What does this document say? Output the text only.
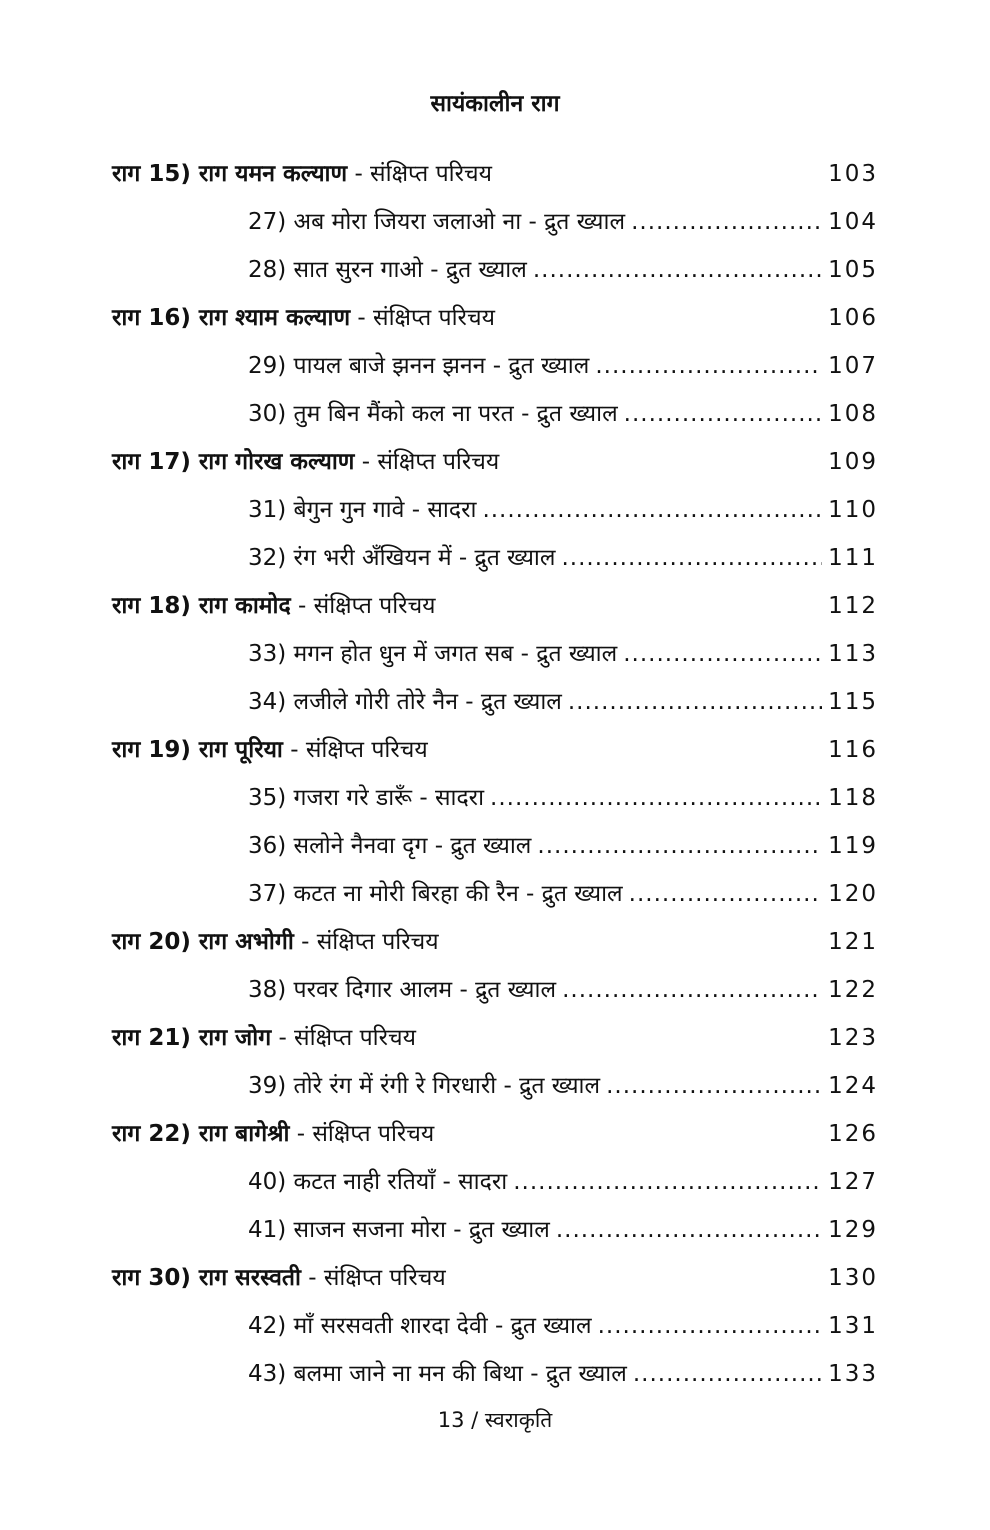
सायंकालीन राग
राग 15) राग यमन कल्याण - संक्षिप्त परिचय	103
27) अब मोरा जियरा जलाओ ना - द्रुत ख्याल .....	104
28) सात सुरन गाओ - द्रुत ख्याल .....	105
राग 16) राग श्याम कल्याण - संक्षिप्त परिचय	106
29) पायल बाजे झनन झनन - द्रुत ख्याल .....	107
30) तुम बिन मैंको कल ना परत - द्रुत ख्याल .....	108
राग 17) राग गोरख कल्याण - संक्षिप्त परिचय	109
31) बेगुन गुन गावे - सादरा .....	110
32) रंग भरी अँखियन में - द्रुत ख्याल .....	111
राग 18) राग कामोद - संक्षिप्त परिचय	112
33) मगन होत धुन में जगत सब - द्रुत ख्याल .....	113
34) लजीले गोरी तोरे नैन - द्रुत ख्याल .....	115
राग 19) राग पूरिया - संक्षिप्त परिचय	116
35) गजरा गरे डारूँ - सादरा .....	118
36) सलोने नैनवा दृग - द्रुत ख्याल .....	119
37) कटत ना मोरी बिरहा की रैन - द्रुत ख्याल .....	120
राग 20) राग अभोगी - संक्षिप्त परिचय	121
38) परवर दिगार आलम - द्रुत ख्याल .....	122
राग 21) राग जोग - संक्षिप्त परिचय	123
39) तोरे रंग में रंगी रे गिरधारी - द्रुत ख्याल .....	124
राग 22) राग बागेश्री - संक्षिप्त परिचय	126
40) कटत नाही रतियाँ - सादरा .....	127
41) साजन सजना मोरा - द्रुत ख्याल .....	129
राग 30) राग सरस्वती - संक्षिप्त परिचय	130
42) माँ सरसवती शारदा देवी - द्रुत ख्याल .....	131
43) बलमा जाने ना मन की बिथा - द्रुत ख्याल .....	133
13 / स्वराकृति
